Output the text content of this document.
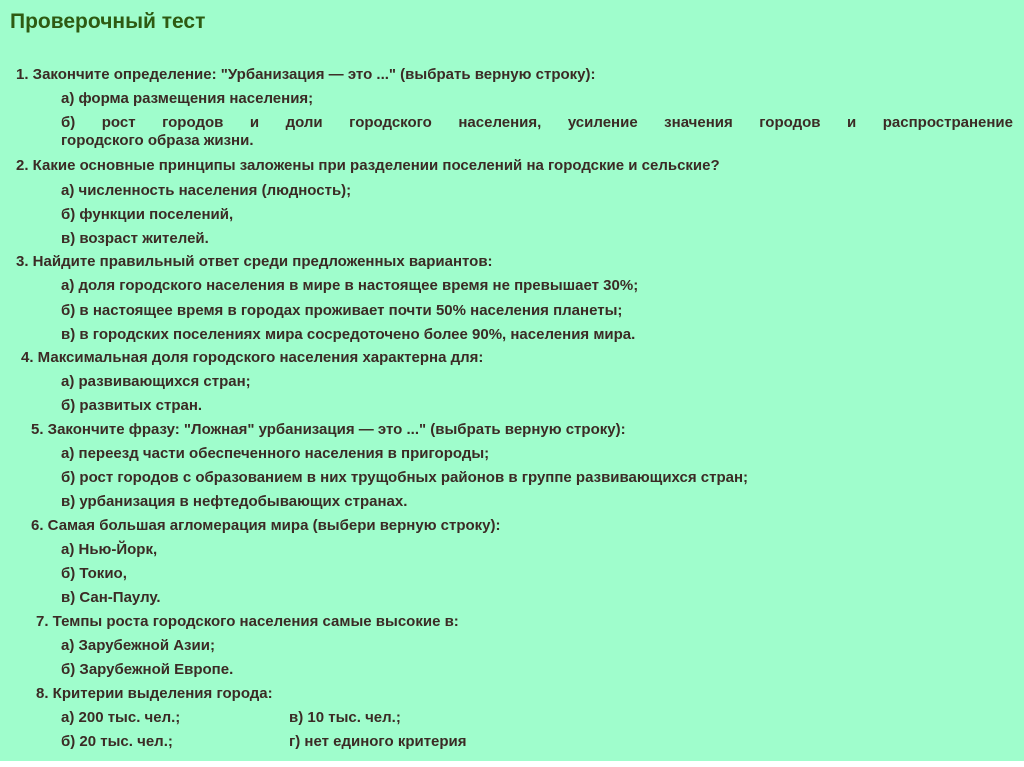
Проверочный тест
1. Закончите определение: "Урбанизация — это ..." (выбрать верную строку):
а) форма размещения населения;
б) рост городов и доли городского населения, усиление значения городов и распространение
городского образа жизни.
2. Какие основные принципы заложены при разделении поселений на городские и сельские?
а) численность населения (людность);
б) функции поселений,
в) возраст жителей.
3. Найдите правильный ответ среди предложенных вариантов:
а) доля городского населения в мире в настоящее время не превышает 30%;
б) в настоящее время в городах проживает почти 50% населения планеты;
в) в городских поселениях мира сосредоточено более 90%, населения мира.
4. Максимальная доля городского населения характерна для:
а) развивающихся стран;
б) развитых стран.
5. Закончите фразу: "Ложная" урбанизация — это ..." (выбрать верную строку):
а) переезд части обеспеченного населения в пригороды;
б) рост городов с образованием в них трущобных районов в группе развивающихся стран;
в) урбанизация в нефтедобывающих странах.
6. Самая большая агломерация мира (выбери верную строку):
а) Нью-Йорк,
б) Токио,
в) Сан-Паулу.
7. Темпы роста городского населения самые высокие в:
а) Зарубежной Азии;
б) Зарубежной Европе.
8. Критерии выделения города:
а) 200 тыс. чел.;
б) 20 тыс. чел.;
в) 10 тыс. чел.;
г) нет единого критерия
